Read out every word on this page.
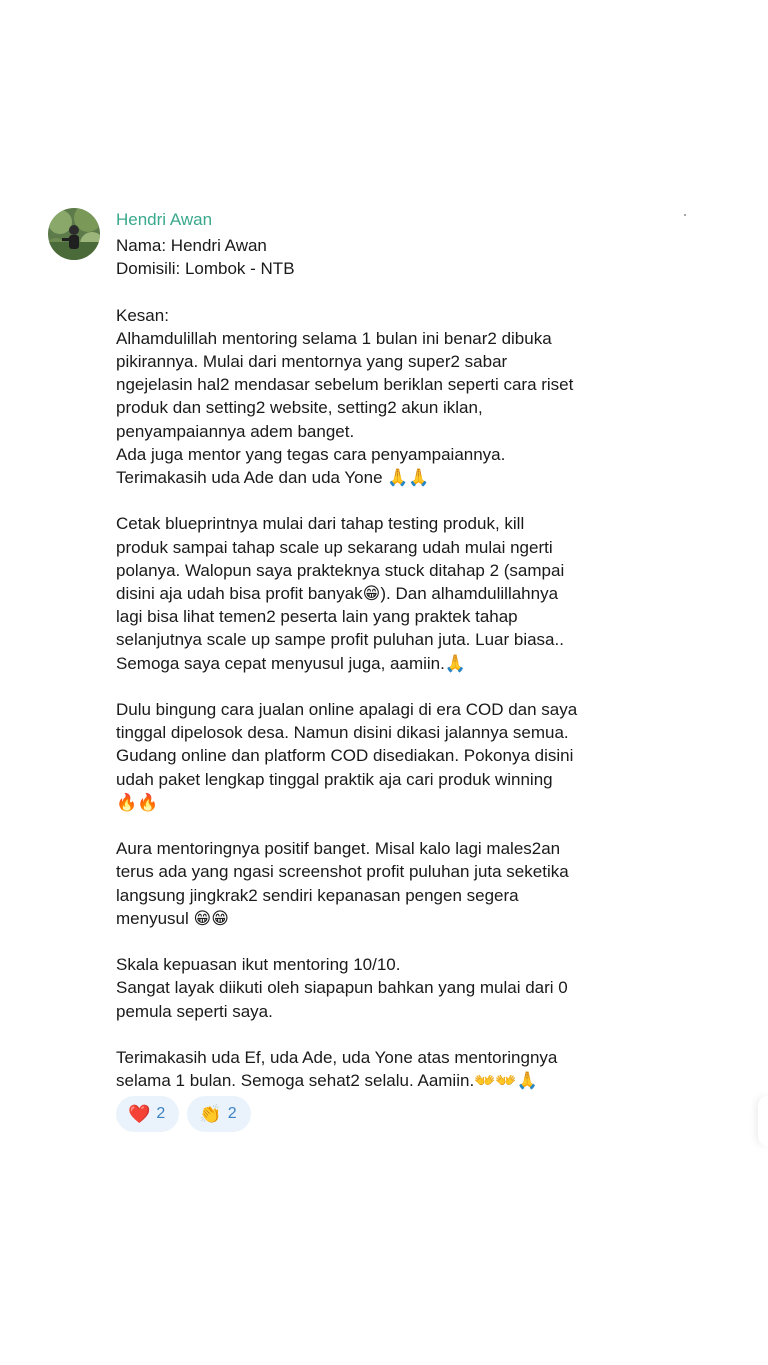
Hendri Awan
Nama: Hendri Awan
Domisili: Lombok - NTB
Kesan:
Alhamdulillah mentoring selama 1 bulan ini benar2 dibuka
pikirannya. Mulai dari mentornya yang super2 sabar
ngejelasin hal2 mendasar sebelum beriklan seperti cara riset
produk dan setting2 website, setting2 akun iklan,
penyampaiannya adem banget.
Ada juga mentor yang tegas cara penyampaiannya.
Terimakasih uda Ade dan uda Yone 🙏🙏
Cetak blueprintnya mulai dari tahap testing produk, kill
produk sampai tahap scale up sekarang udah mulai ngerti
polanya. Walopun saya prakteknya stuck ditahap 2 (sampai
disini aja udah bisa profit banyak😁). Dan alhamdulillahnya
lagi bisa lihat temen2 peserta lain yang praktek tahap
selanjutnya scale up sampe profit puluhan juta. Luar biasa..
Semoga saya cepat menyusul juga, aamiin.🙏
Dulu bingung cara jualan online apalagi di era COD dan saya
tinggal dipelosok desa. Namun disini dikasi jalannya semua.
Gudang online dan platform COD disediakan. Pokonya disini
udah paket lengkap tinggal praktik aja cari produk winning
🔥🔥
Aura mentoringnya positif banget. Misal kalo lagi males2an
terus ada yang ngasi screenshot profit puluhan juta seketika
langsung jingkrak2 sendiri kepanasan pengen segera
menyusul 😁😁
Skala kepuasan ikut mentoring 10/10.
Sangat layak diikuti oleh siapapun bahkan yang mulai dari 0
pemula seperti saya.
Terimakasih uda Ef, uda Ade, uda Yone atas mentoringnya
selama 1 bulan. Semoga sehat2 selalu. Aamiin.👐👐🙏
❤️ 2 👏 2
